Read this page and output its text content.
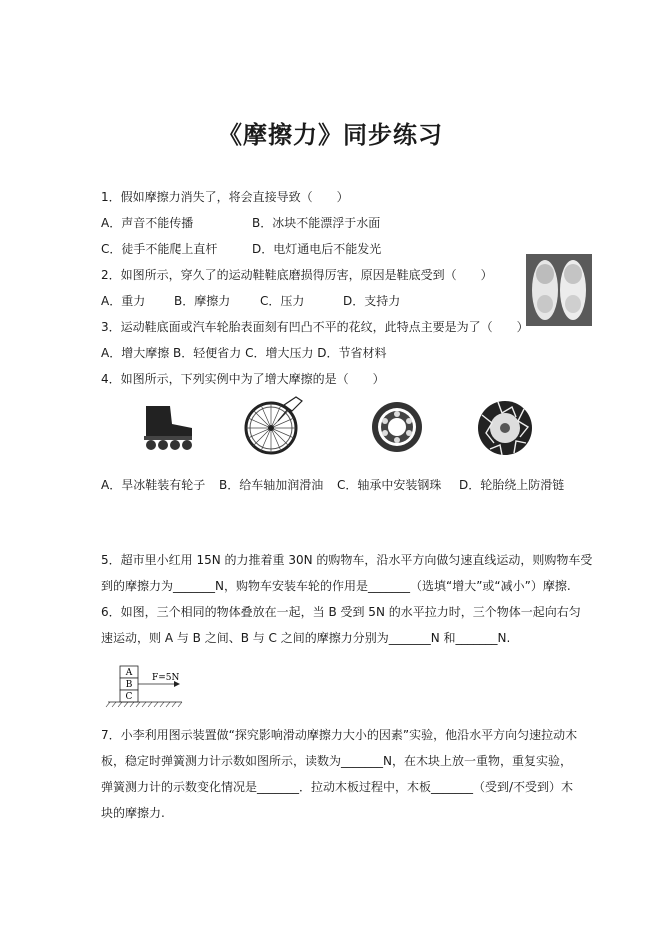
《摩擦力》同步练习
1．假如摩擦力消失了，将会直接导致（　　）
A．声音不能传播	B．冰块不能漂浮于水面
C．徒手不能爬上直杆	D．电灯通电后不能发光
2．如图所示，穿久了的运动鞋鞋底磨损得厉害，原因是鞋底受到（　　）
A．重力 B．摩擦力 C．压力	D．支持力
3．运动鞋底面或汽车轮胎表面刻有凹凸不平的花纹，此特点主要是为了（　　）
A．增大摩擦 B．轻便省力 C．增大压力 D．节省材料
4．如图所示，下列实例中为了增大摩擦的是（　　）
A．旱冰鞋装有轮子 B．给车轴加润滑油 C．轴承中安装钢珠 D．轮胎绕上防滑链
5．超市里小红用 15N 的力推着重 30N 的购物车，沿水平方向做匀速直线运动，则购物车受
到的摩擦力为_______N，购物车安装车轮的作用是_______（选填“增大”或“减小”）摩擦.
6．如图，三个相同的物体叠放在一起，当 B 受到 5N 的水平拉力时，三个物体一起向右匀
速运动，则 A 与 B 之间、B 与 C 之间的摩擦力分别为_______N 和_______N.
A
B
C
F=5N
7．小李利用图示装置做“探究影响滑动摩擦力大小的因素”实验，他沿水平方向匀速拉动木
板，稳定时弹簧测力计示数如图所示，读数为_______N，在木块上放一重物，重复实验，
弹簧测力计的示数变化情况是_______．拉动木板过程中，木板_______（受到/不受到）木
块的摩擦力.
